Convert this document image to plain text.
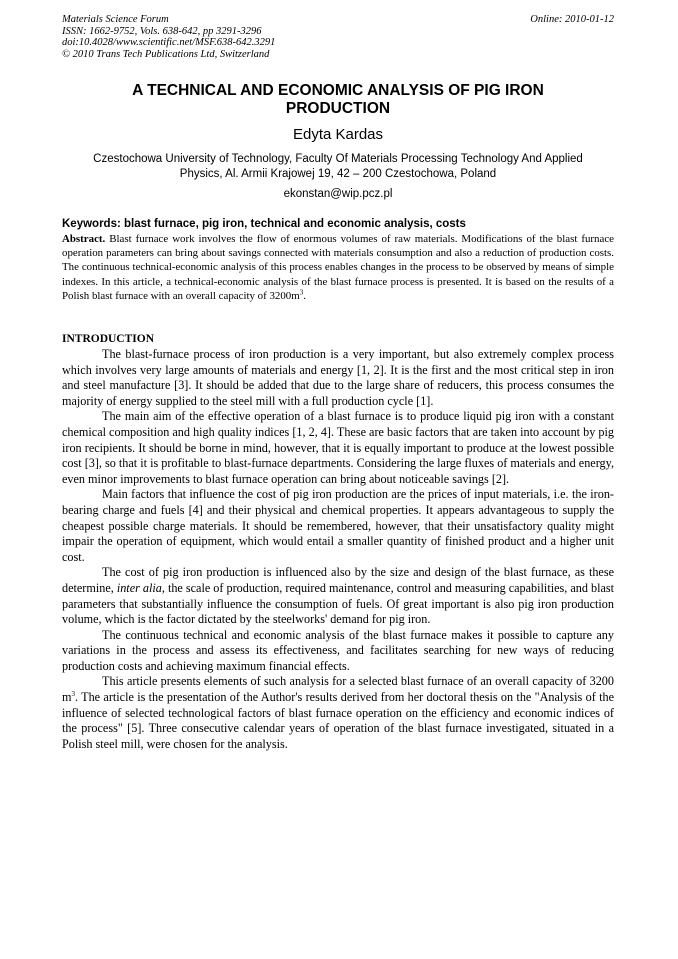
Materials Science Forum
ISSN: 1662-9752, Vols. 638-642, pp 3291-3296
doi:10.4028/www.scientific.net/MSF.638-642.3291
© 2010 Trans Tech Publications Ltd, Switzerland
Online: 2010-01-12
A TECHNICAL AND ECONOMIC ANALYSIS OF PIG IRON
PRODUCTION
Edyta Kardas
Czestochowa University of Technology, Faculty Of Materials Processing Technology And Applied
Physics, Al. Armii Krajowej 19, 42 – 200 Czestochowa, Poland
ekonstan@wip.pcz.pl
Keywords: blast furnace, pig iron, technical and economic analysis, costs
Abstract. Blast furnace work involves the flow of enormous volumes of raw materials. Modifications of the blast furnace operation parameters can bring about savings connected with materials consumption and also a reduction of production costs. The continuous technical-economic analysis of this process enables changes in the process to be observed by means of simple indexes. In this article, a technical-economic analysis of the blast furnace process is presented. It is based on the results of a Polish blast furnace with an overall capacity of $3200m^3$.
INTRODUCTION

The blast-furnace process of iron production is a very important, but also extremely complex process which involves very large amounts of materials and energy [1, 2]. It is the first and the most critical step in iron and steel manufacture [3]. It should be added that due to the large share of reducers, this process consumes the majority of energy supplied to the steel mill with a full production cycle [1].

The main aim of the effective operation of a blast furnace is to produce liquid pig iron with a constant chemical composition and high quality indices [1, 2, 4]. These are basic factors that are taken into account by pig iron recipients. It should be borne in mind, however, that it is equally important to produce at the lowest possible cost [3], so that it is profitable to blast-furnace departments. Considering the large fluxes of materials and energy, even minor improvements to blast furnace operation can bring about noticeable savings [2].

Main factors that influence the cost of pig iron production are the prices of input materials, i.e. the iron-bearing charge and fuels [4] and their physical and chemical properties. It appears advantageous to supply the cheapest possible charge materials. It should be remembered, however, that their unsatisfactory quality might impair the operation of equipment, which would entail a smaller quantity of finished product and a higher unit cost.

The cost of pig iron production is influenced also by the size and design of the blast furnace, as these determine, inter alia, the scale of production, required maintenance, control and measuring capabilities, and blast parameters that substantially influence the consumption of fuels. Of great important is also pig iron production volume, which is the factor dictated by the steelworks' demand for pig iron.

The continuous technical and economic analysis of the blast furnace makes it possible to capture any variations in the process and assess its effectiveness, and facilitates searching for new ways of reducing production costs and achieving maximum financial effects.

This article presents elements of such analysis for a selected blast furnace of an overall capacity of 3200 $m^3$. The article is the presentation of the Author's results derived from her doctoral thesis on the "Analysis of the influence of selected technological factors of blast furnace operation on the efficiency and economic indices of the process" [5]. Three consecutive calendar years of operation of the blast furnace investigated, situated in a Polish steel mill, were chosen for the analysis.
